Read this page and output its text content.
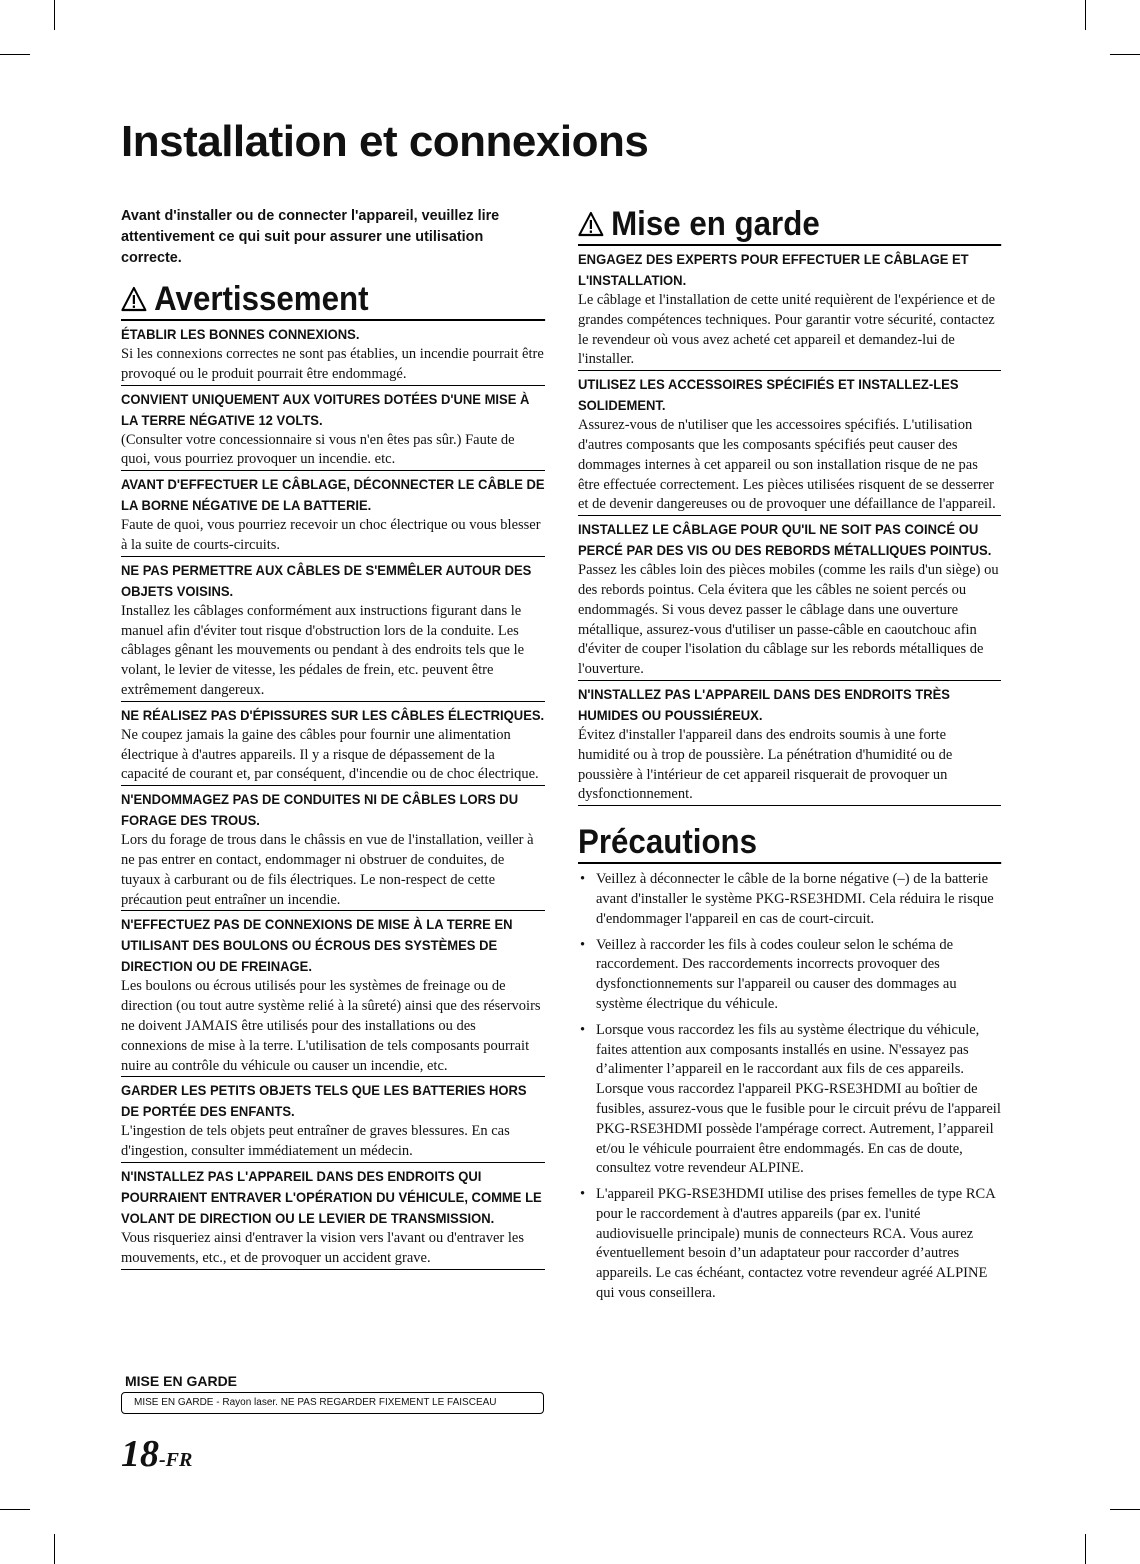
Installation et connexions

Avant d'installer ou de connecter l'appareil, veuillez lire attentivement ce qui suit pour assurer une utilisation correcte.

Avertissement

ÉTABLIR LES BONNES CONNEXIONS.

Si les connexions correctes ne sont pas établies, un incendie pourrait être provoqué ou le produit pourrait être endommagé.

CONVIENT UNIQUEMENT AUX VOITURES DOTÉES D'UNE MISE À LA TERRE NÉGATIVE 12 VOLTS.

(Consulter votre concessionnaire si vous n'en êtes pas sûr.) Faute de quoi, vous pourriez provoquer un incendie. etc.

AVANT D'EFFECTUER LE CÂBLAGE, DÉCONNECTER LE CÂBLE DE LA BORNE NÉGATIVE DE LA BATTERIE.

Faute de quoi, vous pourriez recevoir un choc électrique ou vous blesser à la suite de courts-circuits.

NE PAS PERMETTRE AUX CÂBLES DE S'EMMÊLER AUTOUR DES OBJETS VOISINS.

Installez les câblages conformément aux instructions figurant dans le manuel afin d'éviter tout risque d'obstruction lors de la conduite. Les câblages gênant les mouvements ou pendant à des endroits tels que le volant, le levier de vitesse, les pédales de frein, etc. peuvent être extrêmement dangereux.

NE RÉALISEZ PAS D'ÉPISSURES SUR LES CÂBLES ÉLECTRIQUES.

Ne coupez jamais la gaine des câbles pour fournir une alimentation électrique à d'autres appareils. Il y a risque de dépassement de la capacité de courant et, par conséquent, d'incendie ou de choc électrique.

N'ENDOMMAGEZ PAS DE CONDUITES NI DE CÂBLES LORS DU FORAGE DES TROUS.

Lors du forage de trous dans le châssis en vue de l'installation, veiller à ne pas entrer en contact, endommager ni obstruer de conduites, de tuyaux à carburant ou de fils électriques. Le non-respect de cette précaution peut entraîner un incendie.

N'EFFECTUEZ PAS DE CONNEXIONS DE MISE À LA TERRE EN UTILISANT DES BOULONS OU ÉCROUS DES SYSTÈMES DE DIRECTION OU DE FREINAGE.

Les boulons ou écrous utilisés pour les systèmes de freinage ou de direction (ou tout autre système relié à la sûreté) ainsi que des réservoirs ne doivent JAMAIS être utilisés pour des installations ou des connexions de mise à la terre. L'utilisation de tels composants pourrait nuire au contrôle du véhicule ou causer un incendie, etc.

GARDER LES PETITS OBJETS TELS QUE LES BATTERIES HORS DE PORTÉE DES ENFANTS.

L'ingestion de tels objets peut entraîner de graves blessures. En cas d'ingestion, consulter immédiatement un médecin.

N'INSTALLEZ PAS L'APPAREIL DANS DES ENDROITS QUI POURRAIENT ENTRAVER L'OPÉRATION DU VÉHICULE, COMME LE VOLANT DE DIRECTION OU LE LEVIER DE TRANSMISSION.

Vous risqueriez ainsi d'entraver la vision vers l'avant ou d'entraver les mouvements, etc., et de provoquer un accident grave.

Mise en garde

ENGAGEZ DES EXPERTS POUR EFFECTUER LE CÂBLAGE ET L'INSTALLATION.

Le câblage et l'installation de cette unité requièrent de l'expérience et de grandes compétences techniques. Pour garantir votre sécurité, contactez le revendeur où vous avez acheté cet appareil et demandez-lui de l'installer.

UTILISEZ LES ACCESSOIRES SPÉCIFIÉS ET INSTALLEZ-LES SOLIDEMENT.

Assurez-vous de n'utiliser que les accessoires spécifiés. L'utilisation d'autres composants que les composants spécifiés peut causer des dommages internes à cet appareil ou son installation risque de ne pas être effectuée correctement. Les pièces utilisées risquent de se desserrer et de devenir dangereuses ou de provoquer une défaillance de l'appareil.

INSTALLEZ LE CÂBLAGE POUR QU'IL NE SOIT PAS COINCÉ OU PERCÉ PAR DES VIS OU DES REBORDS MÉTALLIQUES POINTUS.

Passez les câbles loin des pièces mobiles (comme les rails d'un siège) ou des rebords pointus. Cela évitera que les câbles ne soient percés ou endommagés. Si vous devez passer le câblage dans une ouverture métallique, assurez-vous d'utiliser un passe-câble en caoutchouc afin d'éviter de couper l'isolation du câblage sur les rebords métalliques de l'ouverture.

N'INSTALLEZ PAS L'APPAREIL DANS DES ENDROITS TRÈS HUMIDES OU POUSSIÉREUX.

Évitez d'installer l'appareil dans des endroits soumis à une forte humidité ou à trop de poussière. La pénétration d'humidité ou de poussière à l'intérieur de cet appareil risquerait de provoquer un dysfonctionnement.

Précautions
• Veillez à déconnecter le câble de la borne négative (–) de la batterie avant d'installer le système PKG-RSE3HDMI. Cela réduira le risque d'endommager l'appareil en cas de court-circuit.
• Veillez à raccorder les fils à codes couleur selon le schéma de raccordement. Des raccordements incorrects provoquer des dysfonctionnements sur l'appareil ou causer des dommages au système électrique du véhicule.
• Lorsque vous raccordez les fils au système électrique du véhicule, faites attention aux composants installés en usine. N'essayez pas d’alimenter l’appareil en le raccordant aux fils de ces appareils. Lorsque vous raccordez l'appareil PKG-RSE3HDMI au boîtier de fusibles, assurez-vous que le fusible pour le circuit prévu de l'appareil PKG-RSE3HDMI possède l'ampérage correct. Autrement, l’appareil et/ou le véhicule pourraient être endommagés. En cas de doute, consultez votre revendeur ALPINE.
• L'appareil PKG-RSE3HDMI utilise des prises femelles de type RCA pour le raccordement à d'autres appareils (par ex. l'unité audiovisuelle principale) munis de connecteurs RCA. Vous aurez éventuellement besoin d’un adaptateur pour raccorder d’autres appareils. Le cas échéant, contactez votre revendeur agréé ALPINE qui vous conseillera.
MISE EN GARDE
MISE EN GARDE - Rayon laser. NE PAS REGARDER FIXEMENT LE FAISCEAU
18-FR
